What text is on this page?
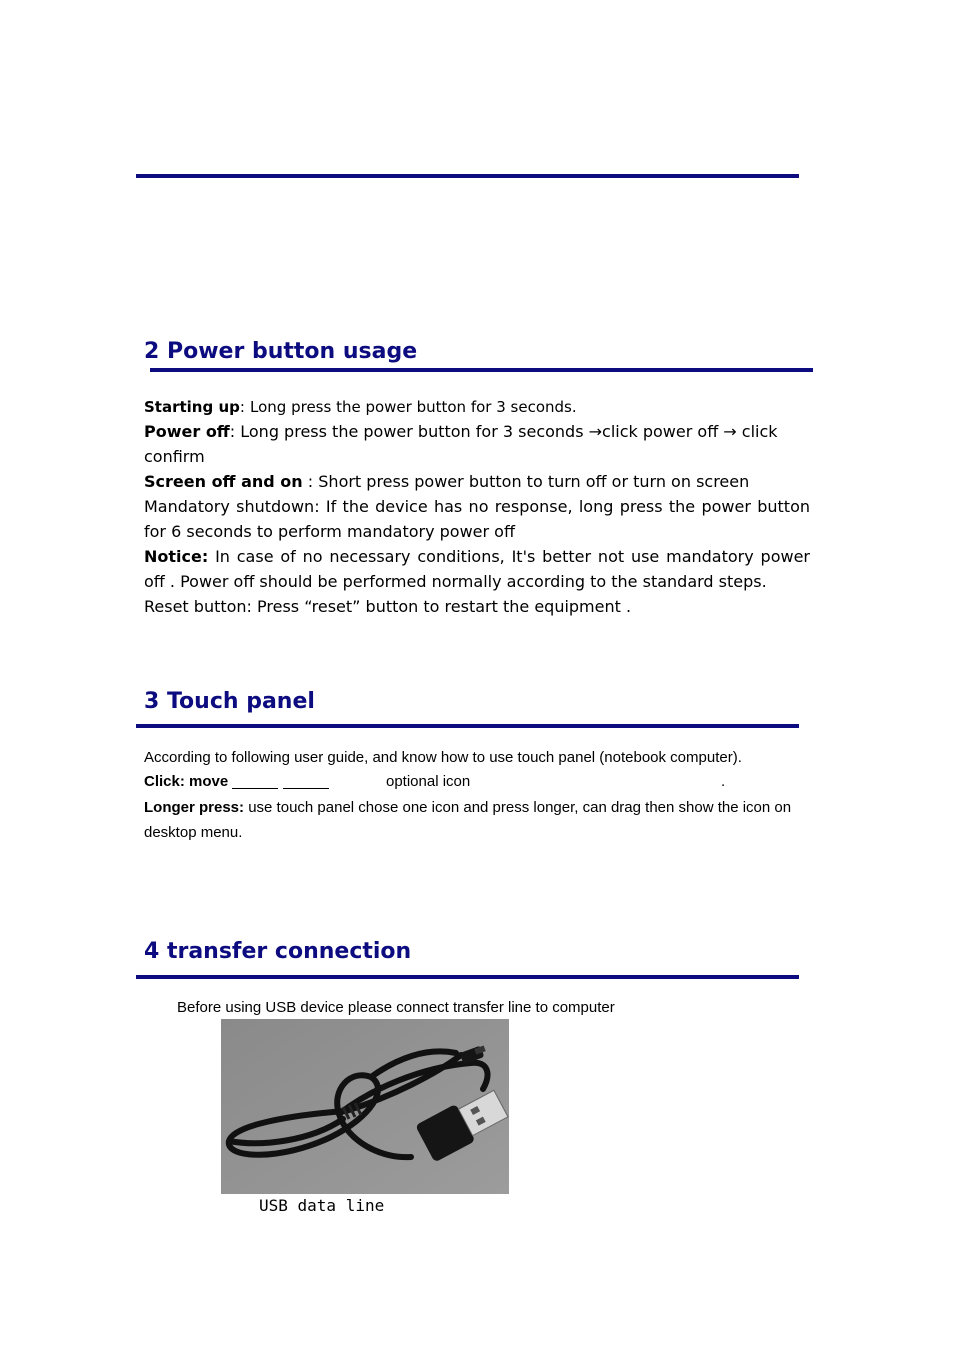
2 Power button usage

Starting up: Long press the power button for 3 seconds.

Power off: Long press the power button for 3 seconds →click power off → click confirm

Screen off and on : Short press power button to turn off or turn on screen

Mandatory shutdown: If the device has no response, long press the power button for 6 seconds to perform mandatory power off

Notice: In case of no necessary conditions, It's better not use mandatory power off . Power off should be performed normally according to the standard steps.

Reset button: Press “reset” button to restart the equipment .

3 Touch panel

According to following user guide, and know how to use touch panel (notebook computer).

Click: move	optional icon	.

Longer press: use touch panel chose one icon and press longer, can drag then show the icon on desktop menu.

4 transfer connection

Before using USB device please connect transfer line to computer

USB data line
